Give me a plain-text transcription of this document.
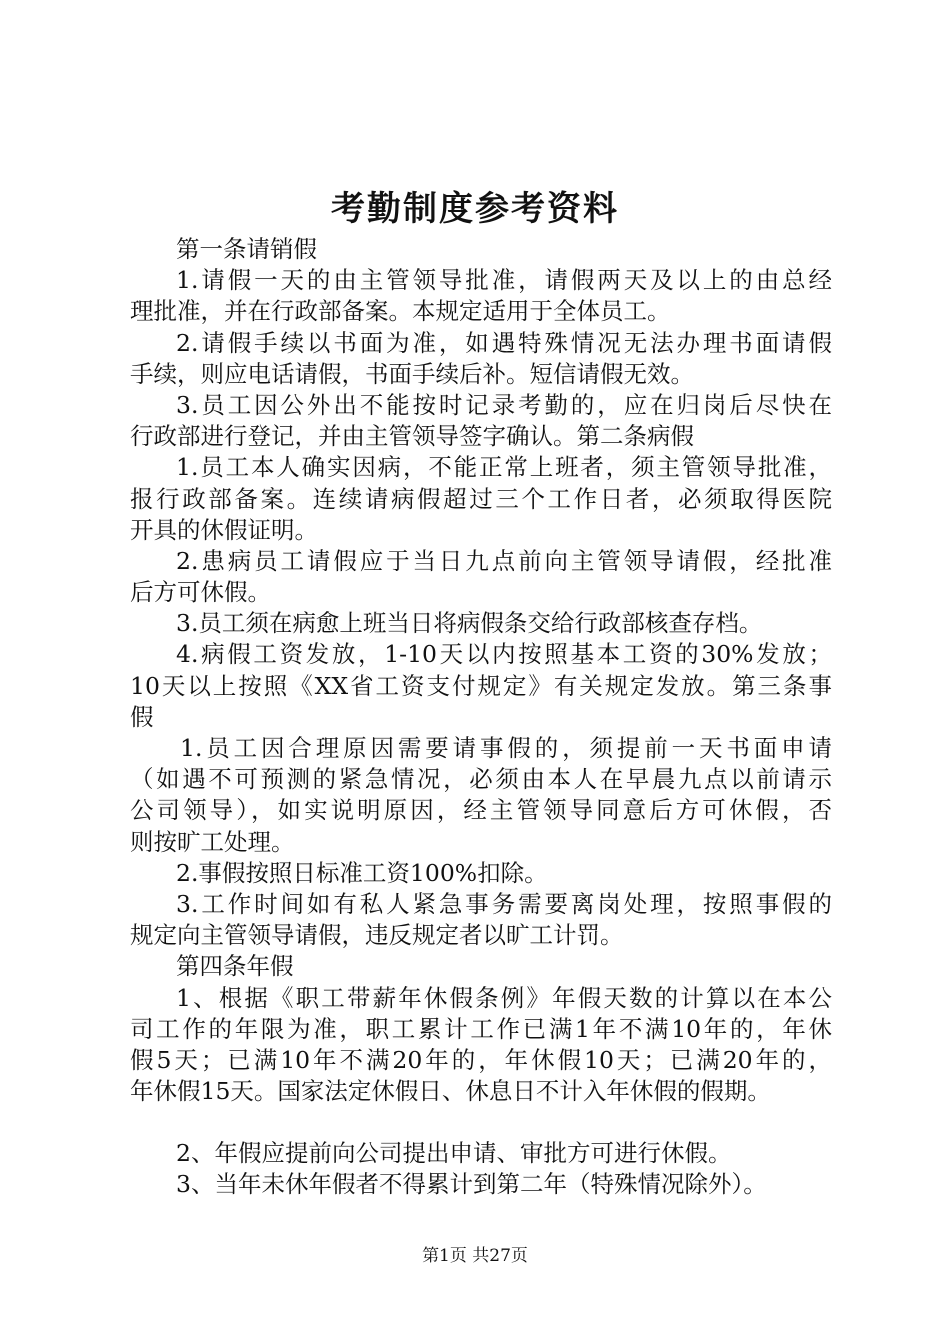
考勤制度参考资料
第一条请销假
1.请假一天的由主管领导批准，请假两天及以上的由总经
理批准，并在行政部备案。本规定适用于全体员工。
2.请假手续以书面为准，如遇特殊情况无法办理书面请假
手续，则应电话请假，书面手续后补。短信请假无效。
3.员工因公外出不能按时记录考勤的，应在归岗后尽快在
行政部进行登记，并由主管领导签字确认。第二条病假
1.员工本人确实因病，不能正常上班者，须主管领导批准，
报行政部备案。连续请病假超过三个工作日者，必须取得医院
开具的休假证明。
2.患病员工请假应于当日九点前向主管领导请假，经批准
后方可休假。
3.员工须在病愈上班当日将病假条交给行政部核查存档。
4.病假工资发放，1-10天以内按照基本工资的30%发放；
10天以上按照《XX省工资支付规定》有关规定发放。第三条事
假
1.员工因合理原因需要请事假的，须提前一天书面申请
（如遇不可预测的紧急情况，必须由本人在早晨九点以前请示
公司领导），如实说明原因，经主管领导同意后方可休假，否
则按旷工处理。
2.事假按照日标准工资100%扣除。
3.工作时间如有私人紧急事务需要离岗处理，按照事假的
规定向主管领导请假，违反规定者以旷工计罚。
第四条年假
1、根据《职工带薪年休假条例》年假天数的计算以在本公
司工作的年限为准，职工累计工作已满1年不满10年的，年休
假5天；已满10年不满20年的，年休假10天；已满20年的，
年休假15天。国家法定休假日、休息日不计入年休假的假期。
2、年假应提前向公司提出申请、审批方可进行休假。
3、当年未休年假者不得累计到第二年（特殊情况除外）。
第1页 共27页
